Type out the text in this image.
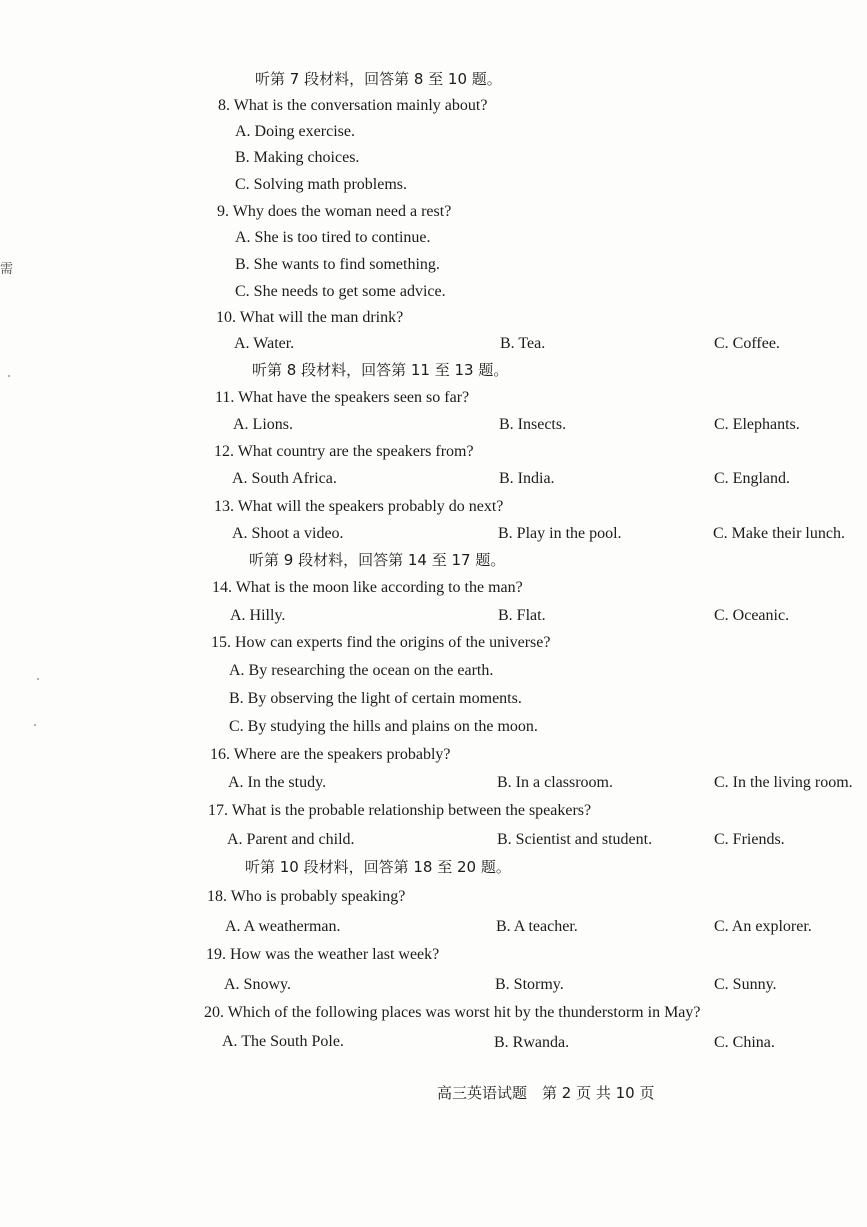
需
听第 7 段材料，回答第 8 至 10 题。
8. What is the conversation mainly about?
A. Doing exercise.
B. Making choices.
C. Solving math problems.
9. Why does the woman need a rest?
A. She is too tired to continue.
B. She wants to find something.
C. She needs to get some advice.
10. What will the man drink?
A. Water.	B. Tea.	C. Coffee.
听第 8 段材料，回答第 11 至 13 题。
11. What have the speakers seen so far?
A. Lions.	B. Insects.	C. Elephants.
12. What country are the speakers from?
A. South Africa.	B. India.	C. England.
13. What will the speakers probably do next?
A. Shoot a video.	B. Play in the pool.	C. Make their lunch.
听第 9 段材料，回答第 14 至 17 题。
14. What is the moon like according to the man?
A. Hilly.	B. Flat.	C. Oceanic.
15. How can experts find the origins of the universe?
A. By researching the ocean on the earth.
B. By observing the light of certain moments.
C. By studying the hills and plains on the moon.
16. Where are the speakers probably?
A. In the study.	B. In a classroom.	C. In the living room.
17. What is the probable relationship between the speakers?
A. Parent and child.	B. Scientist and student.	C. Friends.
听第 10 段材料，回答第 18 至 20 题。
18. Who is probably speaking?
A. A weatherman.	B. A teacher.	C. An explorer.
19. How was the weather last week?
A. Snowy.	B. Stormy.	C. Sunny.
20. Which of the following places was worst hit by the thunderstorm in May?
A. The South Pole.	B. Rwanda.	C. China.
高三英语试题　第 2 页 共 10 页
